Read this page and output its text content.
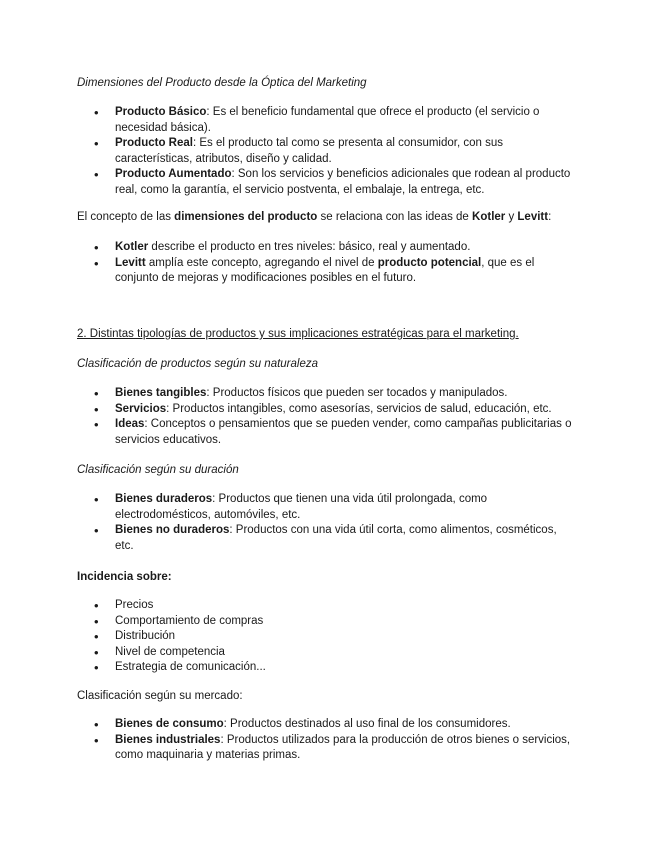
Dimensiones del Producto desde la Óptica del Marketing
• Producto Básico: Es el beneficio fundamental que ofrece el producto (el servicio o necesidad básica).
• Producto Real: Es el producto tal como se presenta al consumidor, con sus características, atributos, diseño y calidad.
• Producto Aumentado: Son los servicios y beneficios adicionales que rodean al producto real, como la garantía, el servicio postventa, el embalaje, la entrega, etc.
El concepto de las dimensiones del producto se relaciona con las ideas de Kotler y Levitt:
• Kotler describe el producto en tres niveles: básico, real y aumentado.
• Levitt amplía este concepto, agregando el nivel de producto potencial, que es el conjunto de mejoras y modificaciones posibles en el futuro.
2. Distintas tipologías de productos y sus implicaciones estratégicas para el marketing.
Clasificación de productos según su naturaleza
• Bienes tangibles: Productos físicos que pueden ser tocados y manipulados.
• Servicios: Productos intangibles, como asesorías, servicios de salud, educación, etc.
• Ideas: Conceptos o pensamientos que se pueden vender, como campañas publicitarias o servicios educativos.
Clasificación según su duración
• Bienes duraderos: Productos que tienen una vida útil prolongada, como electrodomésticos, automóviles, etc.
• Bienes no duraderos: Productos con una vida útil corta, como alimentos, cosméticos, etc.
Incidencia sobre:
• Precios
• Comportamiento de compras
• Distribución
• Nivel de competencia
• Estrategia de comunicación...
Clasificación según su mercado:
• Bienes de consumo: Productos destinados al uso final de los consumidores.
• Bienes industriales: Productos utilizados para la producción de otros bienes o servicios, como maquinaria y materias primas.
